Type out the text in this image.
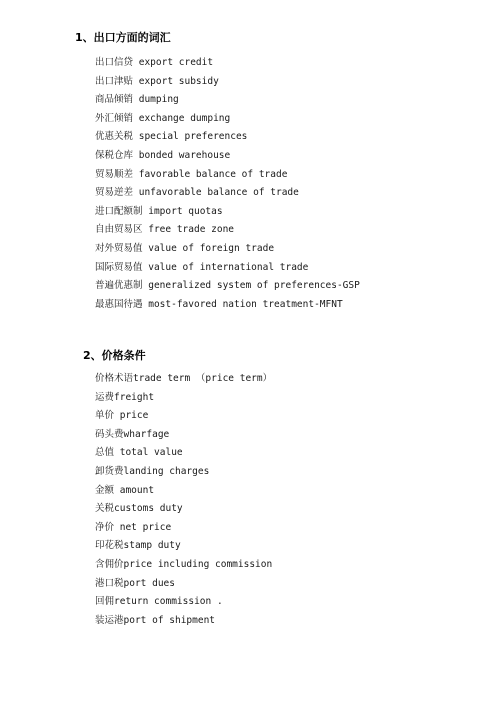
1、出口方面的词汇
出口信贷 export credit
出口津贴 export subsidy
商品倾销 dumping
外汇倾销 exchange dumping
优惠关税 special preferences
保税仓库 bonded warehouse
贸易顺差 favorable balance of trade
贸易逆差 unfavorable balance of trade
进口配额制 import quotas
自由贸易区 free trade zone
对外贸易值 value of foreign trade
国际贸易值 value of international trade
普遍优惠制 generalized system of preferences-GSP
最惠国待遇 most-favored nation treatment-MFNT
2、价格条件
价格术语trade term （price term）
运费freight
单价 price
码头费wharfage
总值 total value
卸货费landing charges
金额 amount
关税customs duty
净价 net price
印花税stamp duty
含佣价price including commission
港口税port dues
回佣return commission .
装运港port of shipment
